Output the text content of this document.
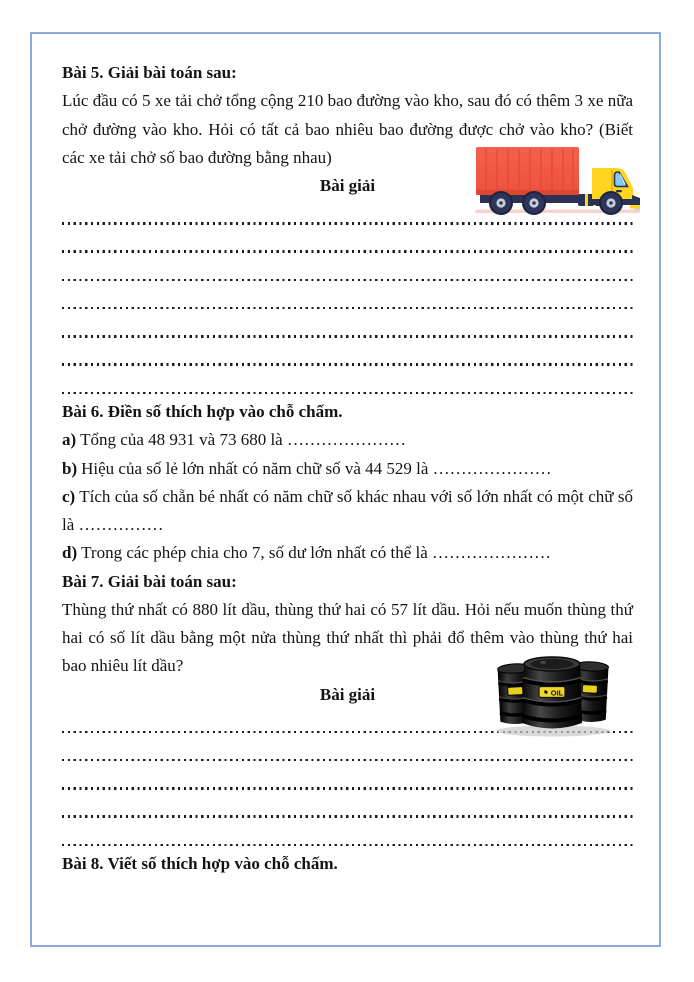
Bài 5. Giải bài toán sau:
Lúc đầu có 5 xe tải chở tổng cộng 210 bao đường vào kho, sau đó có thêm 3 xe nữa chở đường vào kho. Hỏi có tất cả bao nhiêu bao đường được chở vào kho? (Biết các xe tải chở số bao đường bằng nhau)
Bài giải
Bài 6. Điền số thích hợp vào chỗ chấm.
a) Tổng của 48 931 và 73 680 là …………………
b) Hiệu của số lẻ lớn nhất có năm chữ số và 44 529 là …………………
c) Tích của số chẵn bé nhất có năm chữ số khác nhau với số lớn nhất có một chữ số là ……………
d) Trong các phép chia cho 7, số dư lớn nhất có thể là …………………
Bài 7. Giải bài toán sau:
Thùng thứ nhất có 880 lít dầu, thùng thứ hai có 57 lít dầu. Hỏi nếu muốn thùng thứ hai có số lít dầu bằng một nửa thùng thứ nhất thì phải đổ thêm vào thùng thứ hai bao nhiêu lít dầu?
Bài giải
Bài 8. Viết số thích hợp vào chỗ chấm.
OIL
